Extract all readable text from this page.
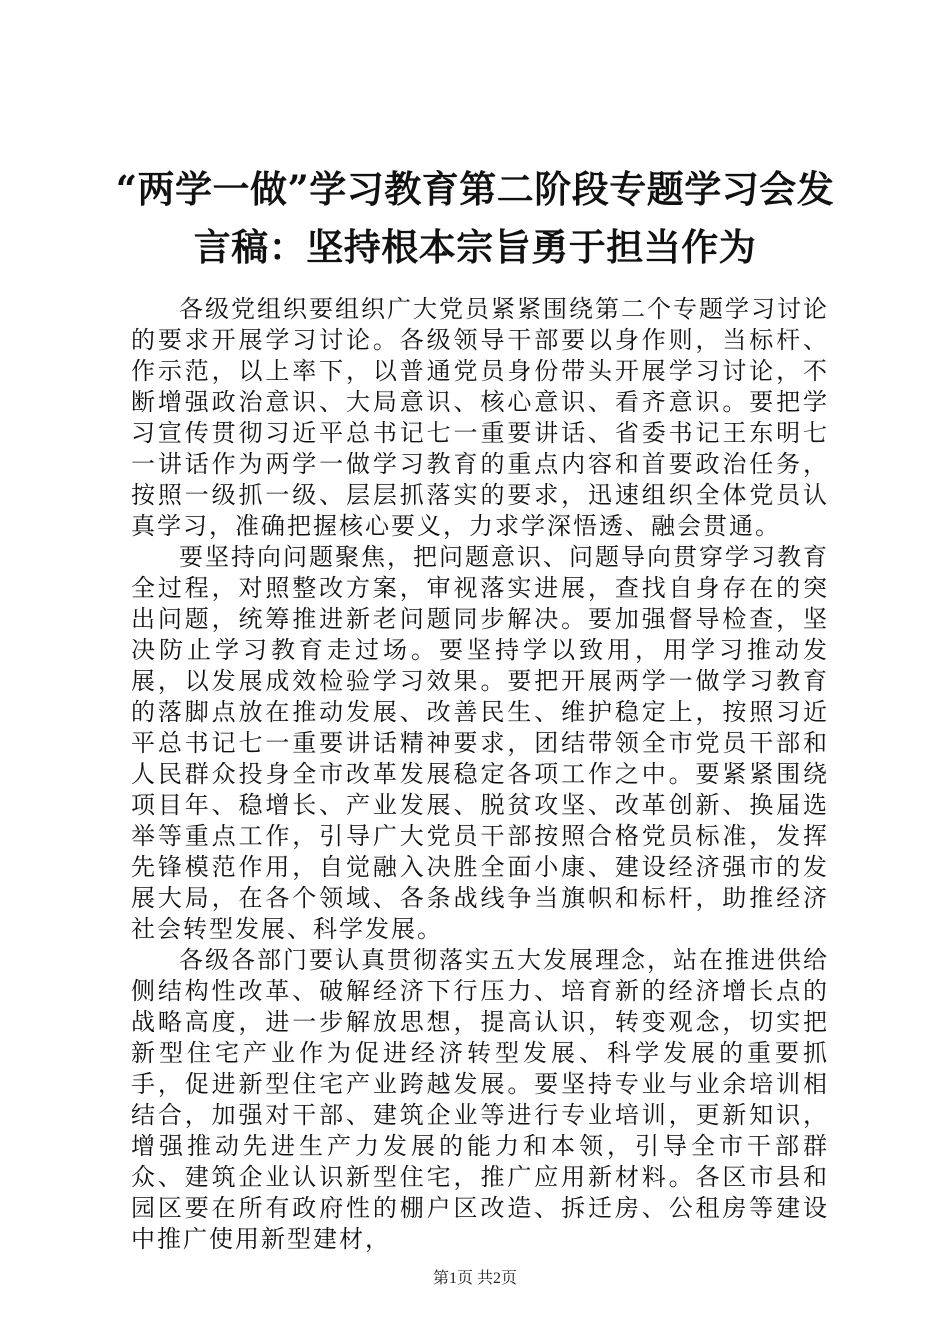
“两学一做”学习教育第二阶段专题学习会发
言稿：坚持根本宗旨勇于担当作为

各级党组织要组织广大党员紧紧围绕第二个专题学习讨论的要求开展学习讨论。各级领导干部要以身作则，当标杆、作示范，以上率下，以普通党员身份带头开展学习讨论，不断增强政治意识、大局意识、核心意识、看齐意识。要把学习宣传贯彻习近平总书记七一重要讲话、省委书记王东明七一讲话作为两学一做学习教育的重点内容和首要政治任务，按照一级抓一级、层层抓落实的要求，迅速组织全体党员认真学习，准确把握核心要义，力求学深悟透、融会贯通。

要坚持向问题聚焦，把问题意识、问题导向贯穿学习教育全过程，对照整改方案，审视落实进展，查找自身存在的突出问题，统筹推进新老问题同步解决。要加强督导检查，坚决防止学习教育走过场。要坚持学以致用，用学习推动发展，以发展成效检验学习效果。要把开展两学一做学习教育的落脚点放在推动发展、改善民生、维护稳定上，按照习近平总书记七一重要讲话精神要求，团结带领全市党员干部和人民群众投身全市改革发展稳定各项工作之中。要紧紧围绕项目年、稳增长、产业发展、脱贫攻坚、改革创新、换届选举等重点工作，引导广大党员干部按照合格党员标准，发挥先锋模范作用，自觉融入决胜全面小康、建设经济强市的发展大局，在各个领域、各条战线争当旗帜和标杆，助推经济社会转型发展、科学发展。

各级各部门要认真贯彻落实五大发展理念，站在推进供给侧结构性改革、破解经济下行压力、培育新的经济增长点的战略高度，进一步解放思想，提高认识，转变观念，切实把新型住宅产业作为促进经济转型发展、科学发展的重要抓手，促进新型住宅产业跨越发展。要坚持专业与业余培训相结合，加强对干部、建筑企业等进行专业培训，更新知识，增强推动先进生产力发展的能力和本领，引导全市干部群众、建筑企业认识新型住宅，推广应用新材料。各区市县和园区要在所有政府性的棚户区改造、拆迁房、公租房等建设中推广使用新型建材，

第1页 共2页
